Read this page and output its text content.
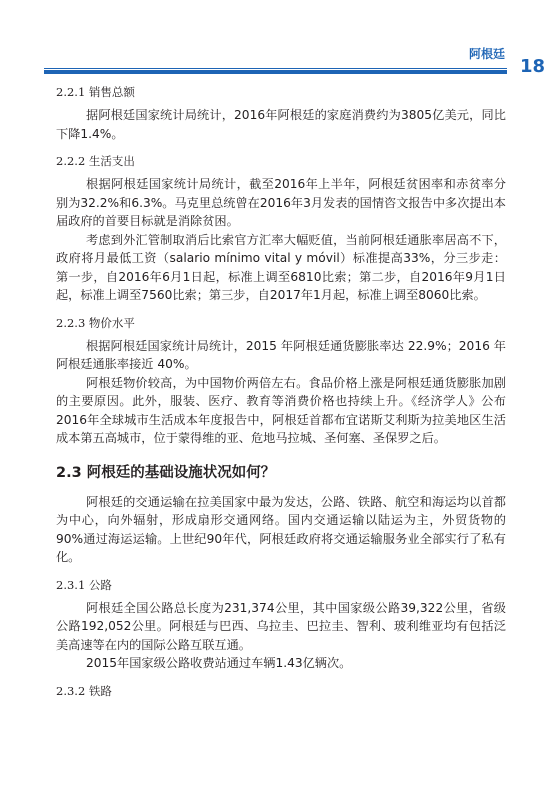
阿根廷
18
2.2.1 销售总额
据阿根廷国家统计局统计，2016年阿根廷的家庭消费约为3805亿美元，同比下降1.4%。
2.2.2 生活支出
根据阿根廷国家统计局统计，截至2016年上半年，阿根廷贫困率和赤贫率分别为32.2%和6.3%。马克里总统曾在2016年3月发表的国情咨文报告中多次提出本届政府的首要目标就是消除贫困。
考虑到外汇管制取消后比索官方汇率大幅贬值，当前阿根廷通胀率居高不下，政府将月最低工资（salario mínimo vital y móvil）标准提高33%，分三步走：第一步，自2016年6月1日起，标准上调至6810比索；第二步，自2016年9月1日起，标准上调至7560比索；第三步，自2017年1月起，标准上调至8060比索。
2.2.3 物价水平
根据阿根廷国家统计局统计，2015 年阿根廷通货膨胀率达 22.9%；2016 年阿根廷通胀率接近 40%。
阿根廷物价较高，为中国物价两倍左右。食品价格上涨是阿根廷通货膨胀加剧的主要原因。此外，服装、医疗、教育等消费价格也持续上升。《经济学人》公布2016年全球城市生活成本年度报告中，阿根廷首都布宜诺斯艾利斯为拉美地区生活成本第五高城市，位于蒙得维的亚、危地马拉城、圣何塞、圣保罗之后。
2.3 阿根廷的基础设施状况如何？
阿根廷的交通运输在拉美国家中最为发达，公路、铁路、航空和海运均以首都为中心，向外辐射，形成扇形交通网络。国内交通运输以陆运为主，外贸货物的90%通过海运运输。上世纪90年代，阿根廷政府将交通运输服务业全部实行了私有化。
2.3.1 公路
阿根廷全国公路总长度为231,374公里，其中国家级公路39,322公里，省级公路192,052公里。阿根廷与巴西、乌拉圭、巴拉圭、智利、玻利维亚均有包括泛美高速等在内的国际公路互联互通。
2015年国家级公路收费站通过车辆1.43亿辆次。
2.3.2 铁路
